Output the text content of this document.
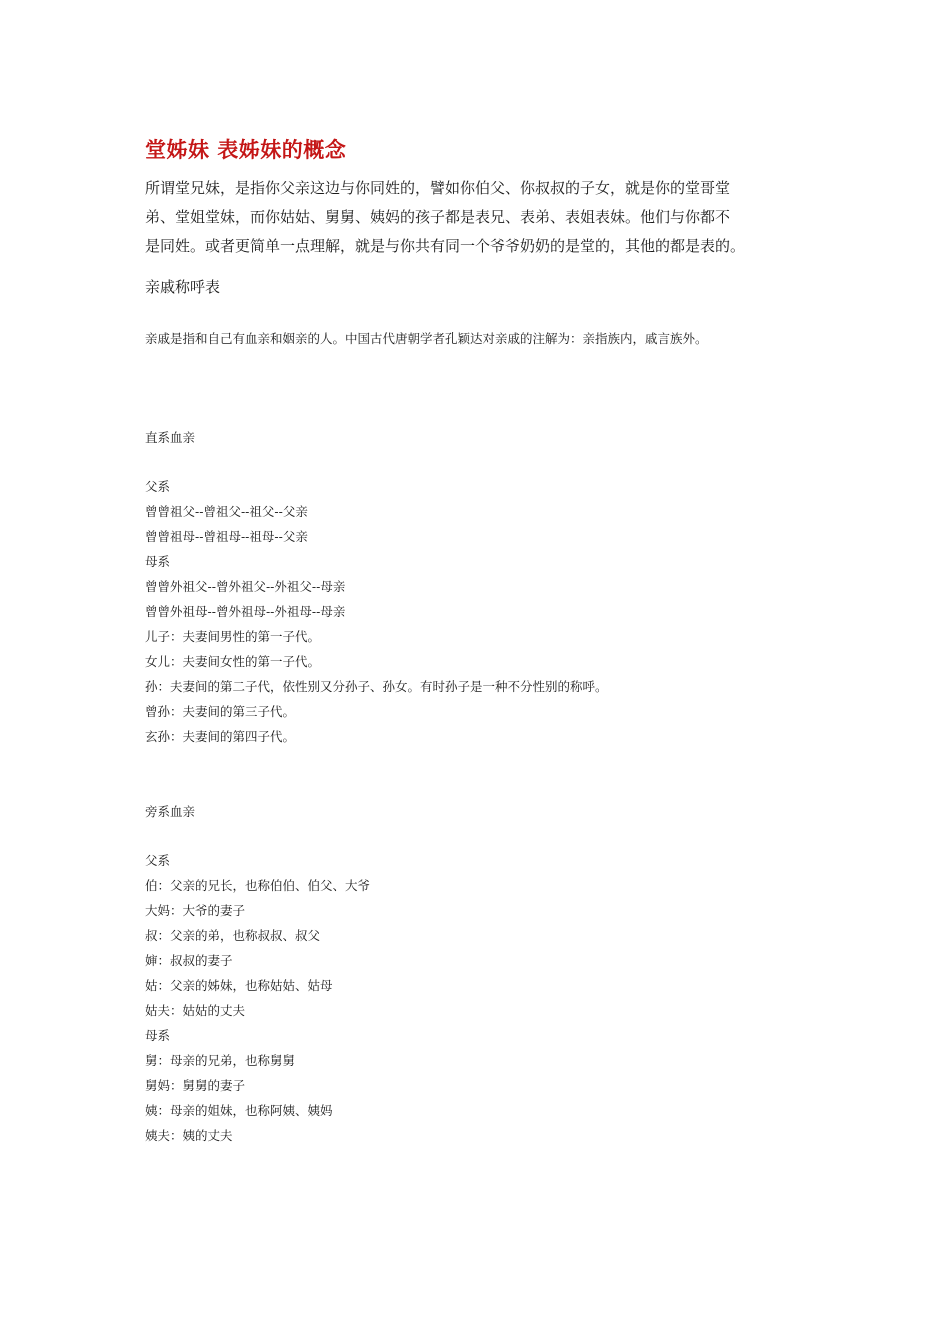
堂姊妹 表姊妹的概念

所谓堂兄妹，是指你父亲这边与你同姓的，譬如你伯父、你叔叔的子女，就是你的堂哥堂
弟、堂姐堂妹，而你姑姑、舅舅、姨妈的孩子都是表兄、表弟、表姐表妹。他们与你都不
是同姓。或者更简单一点理解，就是与你共有同一个爷爷奶奶的是堂的，其他的都是表的。

亲戚称呼表

亲戚是指和自己有血亲和姻亲的人。中国古代唐朝学者孔颖达对亲戚的注解为：亲指族内，戚言族外。

直系血亲
父系
曾曾祖父--曾祖父--祖父--父亲
曾曾祖母--曾祖母--祖母--父亲
母系
曾曾外祖父--曾外祖父--外祖父--母亲
曾曾外祖母--曾外祖母--外祖母--母亲
儿子：夫妻间男性的第一子代。
女儿：夫妻间女性的第一子代。
孙：夫妻间的第二子代，依性别又分孙子、孙女。有时孙子是一种不分性别的称呼。
曾孙：夫妻间的第三子代。
玄孙：夫妻间的第四子代。
旁系血亲
父系
伯：父亲的兄长，也称伯伯、伯父、大爷
大妈：大爷的妻子
叔：父亲的弟，也称叔叔、叔父
婶：叔叔的妻子
姑：父亲的姊妹，也称姑姑、姑母
姑夫：姑姑的丈夫
母系
舅：母亲的兄弟，也称舅舅
舅妈：舅舅的妻子
姨：母亲的姐妹，也称阿姨、姨妈
姨夫：姨的丈夫
